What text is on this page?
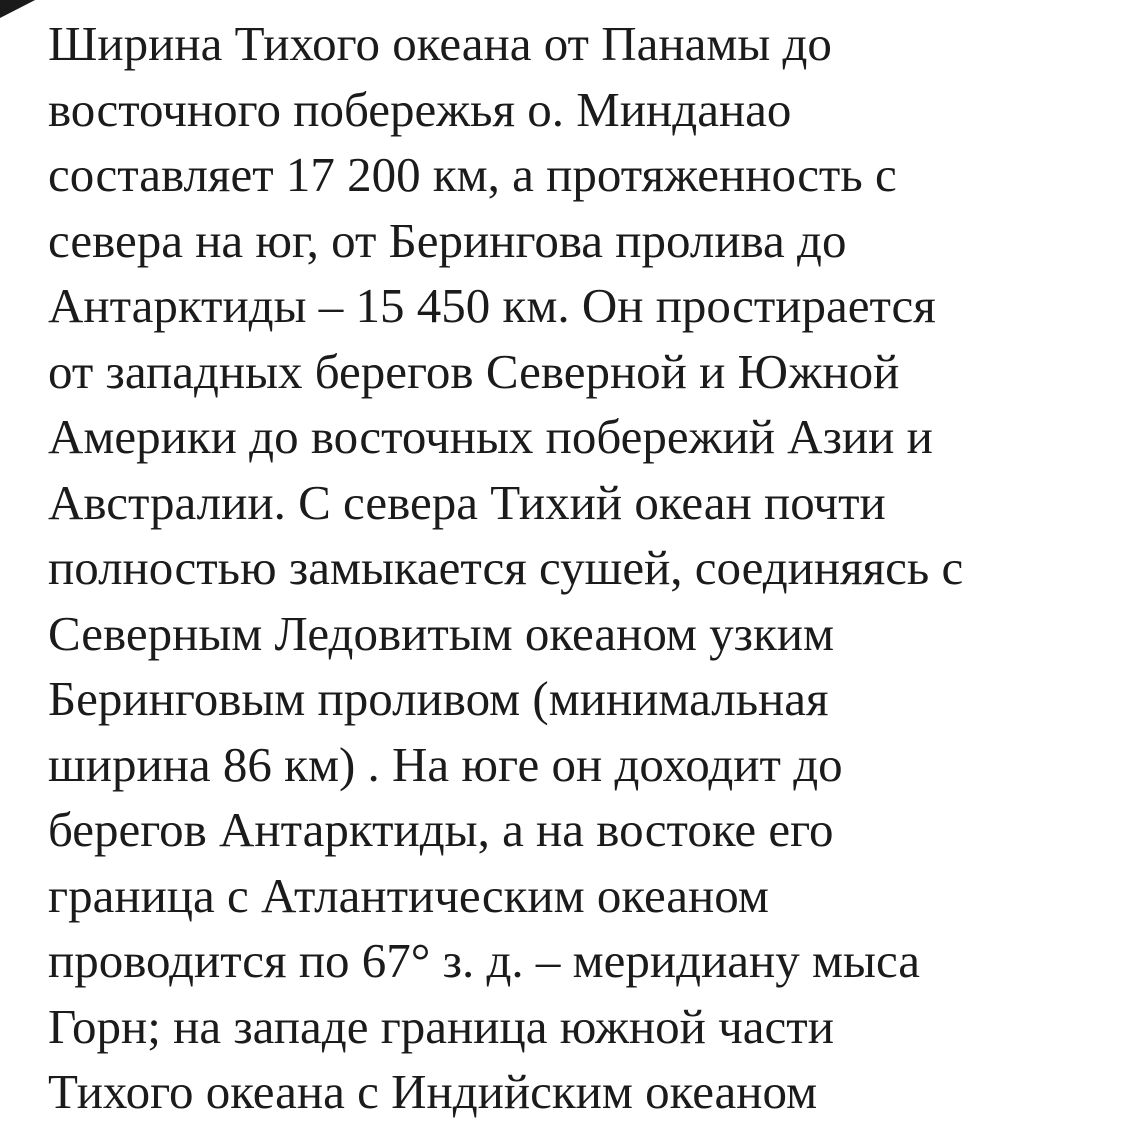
Ширина Тихого океана от Панамы до
восточного побережья о. Минданао
составляет 17 200 км, а протяженность с
севера на юг, от Берингова пролива до
Антарктиды – 15 450 км. Он простирается
от западных берегов Северной и Южной
Америки до восточных побережий Азии и
Австралии. С севера Тихий океан почти
полностью замыкается сушей, соединяясь с
Северным Ледовитым океаном узким
Беринговым проливом (минимальная
ширина 86 км) . На юге он доходит до
берегов Антарктиды, а на востоке его
граница с Атлантическим океаном
проводится по 67° з. д. – меридиану мыса
Горн; на западе граница южной части
Тихого океана с Индийским океаном
